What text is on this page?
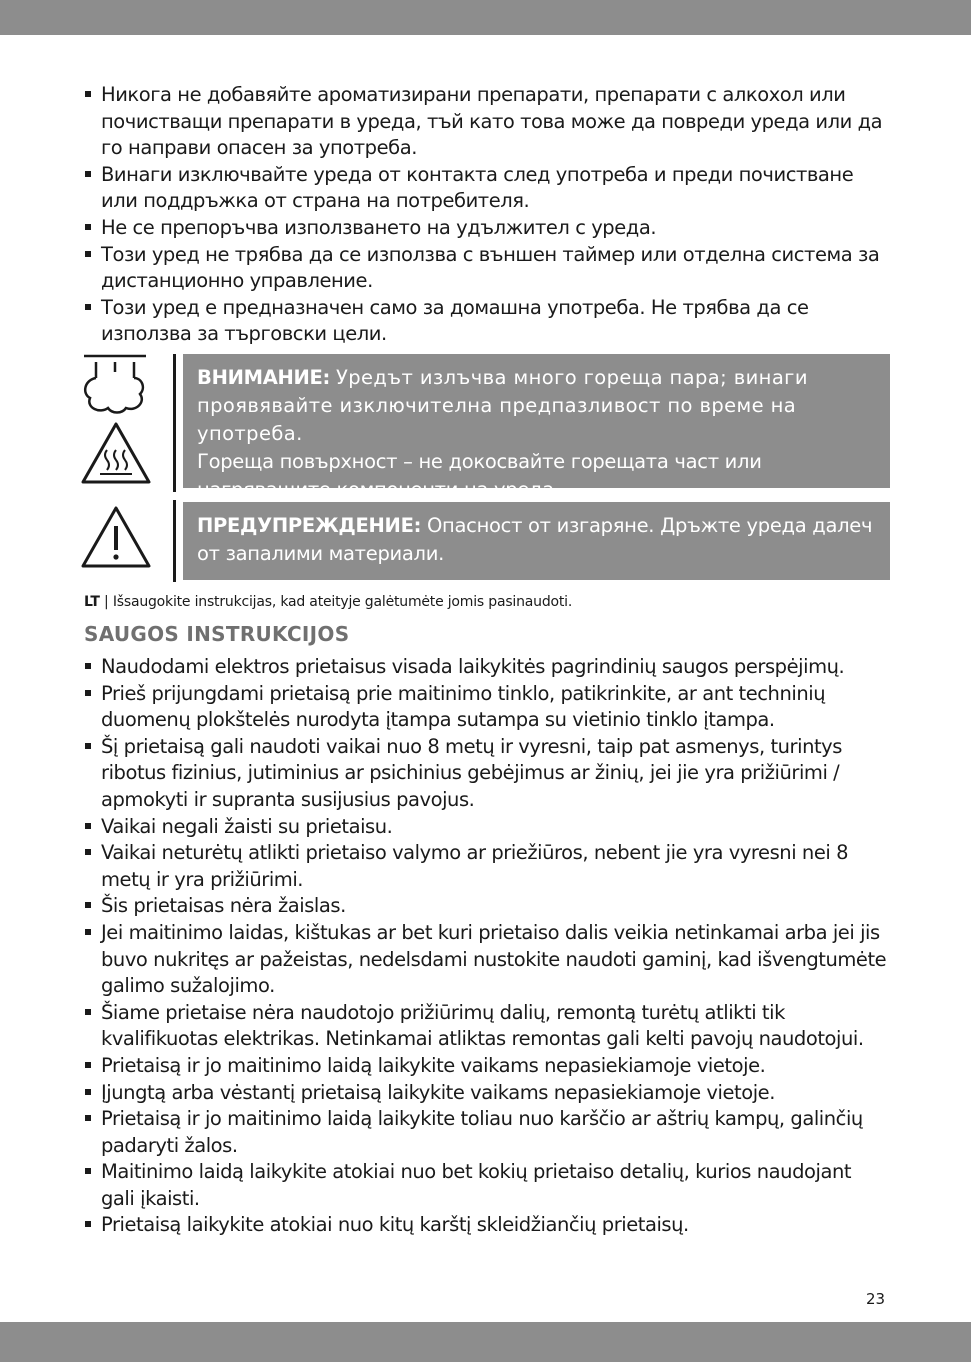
Никога не добавяйте ароматизирани препарати, препарати с алкохол или почистващи препарати в уреда, тъй като това може да повреди уреда или да го направи опасен за употреба.
Винаги изключвайте уреда от контакта след употреба и преди почистване или поддръжка от страна на потребителя.
Не се препоръчва използването на удължител с уреда.
Този уред не трябва да се използва с външен таймер или отделна система за дистанционно управление.
Този уред е предназначен само за домашна употреба. Не трябва да се използва за търговски цели.
ВНИМАНИЕ: Уредът излъчва много гореща пара; винаги проявявайте изключителна предпазливост по време на употреба.
Гореща повърхност – не докосвайте горещата част или нагряващите компоненти на уреда.
ПРЕДУПРЕЖДЕНИЕ: Опасност от изгаряне. Дръжте уреда далеч от запалими материали.
LT | Išsaugokite instrukcijas, kad ateityje galėtumėte jomis pasinaudoti.
SAUGOS INSTRUKCIJOS
Naudodami elektros prietaisus visada laikykitės pagrindinių saugos perspėjimų.
Prieš prijungdami prietaisą prie maitinimo tinklo, patikrinkite, ar ant techninių duomenų plokštelės nurodyta įtampa sutampa su vietinio tinklo įtampa.
Šį prietaisą gali naudoti vaikai nuo 8 metų ir vyresni, taip pat asmenys, turintys ribotus fizinius, jutiminius ar psichinius gebėjimus ar žinių, jei jie yra prižiūrimi / apmokyti ir supranta susijusius pavojus.
Vaikai negali žaisti su prietaisu.
Vaikai neturėtų atlikti prietaiso valymo ar priežiūros, nebent jie yra vyresni nei 8 metų ir yra prižiūrimi.
Šis prietaisas nėra žaislas.
Jei maitinimo laidas, kištukas ar bet kuri prietaiso dalis veikia netinkamai arba jei jis buvo nukritęs ar pažeistas, nedelsdami nustokite naudoti gaminį, kad išvengtumėte galimo sužalojimo.
Šiame prietaise nėra naudotojo prižiūrimų dalių, remontą turėtų atlikti tik kvalifikuotas elektrikas. Netinkamai atliktas remontas gali kelti pavojų naudotojui.
Prietaisą ir jo maitinimo laidą laikykite vaikams nepasiekiamoje vietoje.
Įjungtą arba vėstantį prietaisą laikykite vaikams nepasiekiamoje vietoje.
Prietaisą ir jo maitinimo laidą laikykite toliau nuo karščio ar aštrių kampų, galinčių padaryti žalos.
Maitinimo laidą laikykite atokiai nuo bet kokių prietaiso detalių, kurios naudojant gali įkaisti.
Prietaisą laikykite atokiai nuo kitų karštį skleidžiančių prietaisų.
23
